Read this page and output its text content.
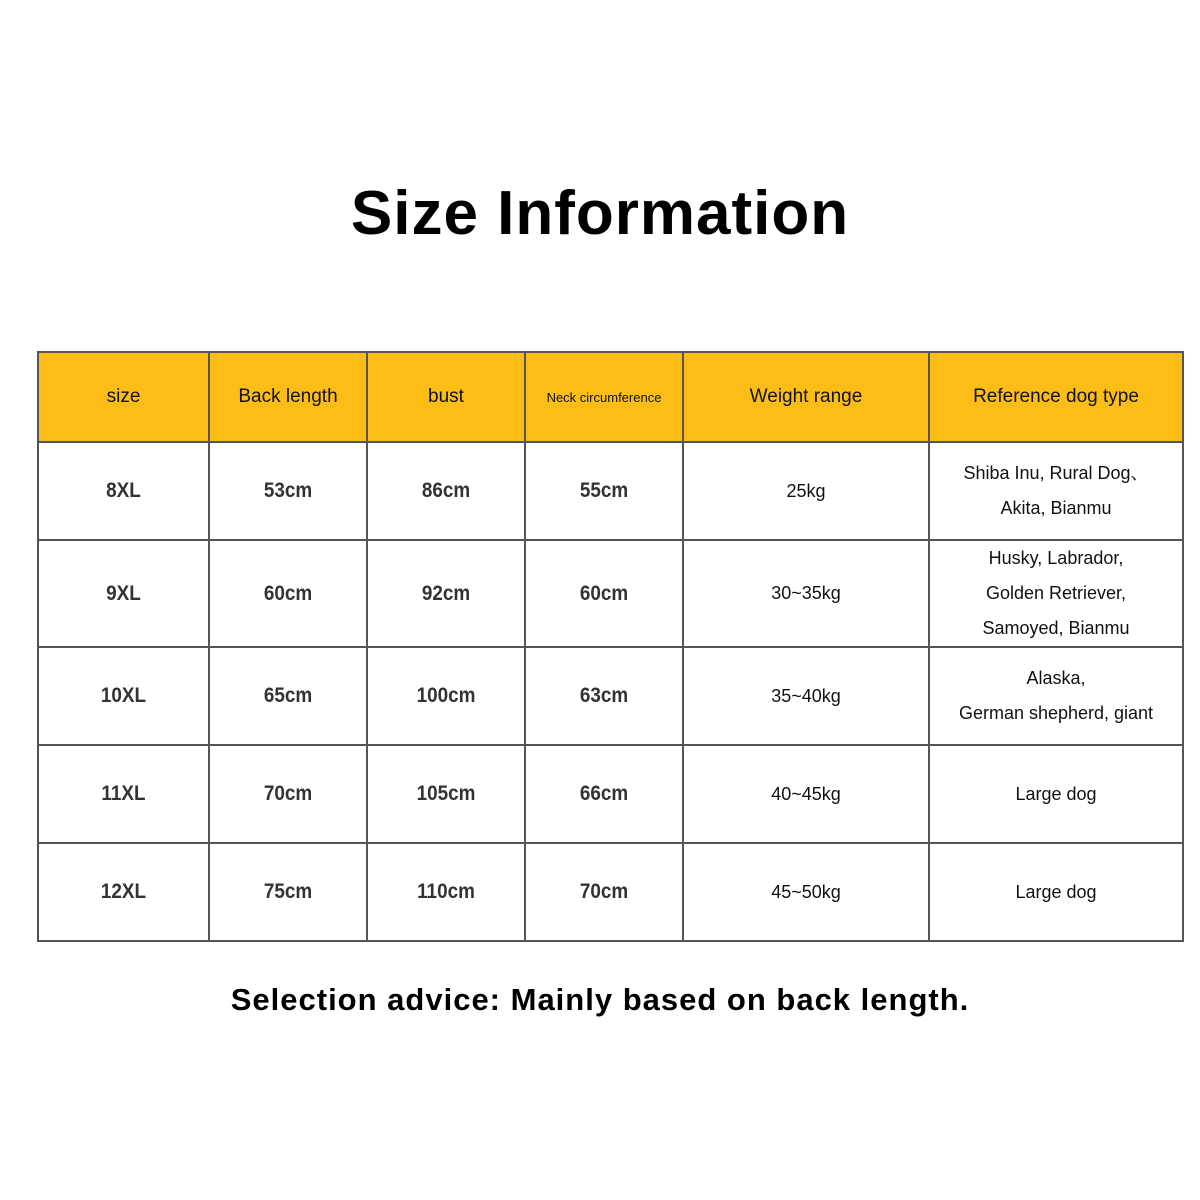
Size Information
size	Back length	bust	Neck circumference	Weight range	Reference dog type
8XL	53cm	86cm	55cm	25kg	Shiba Inu, Rural Dog、
Akita, Bianmu

9XL	60cm	92cm	60cm	30~35kg	Husky, Labrador,
Golden Retriever,
Samoyed, Bianmu

10XL	65cm	100cm	63cm	35~40kg	Alaska,
German shepherd, giant

11XL	70cm	105cm	66cm	40~45kg	Large dog

12XL	75cm	110cm	70cm	45~50kg	Large dog
Selection advice: Mainly based on back length.
